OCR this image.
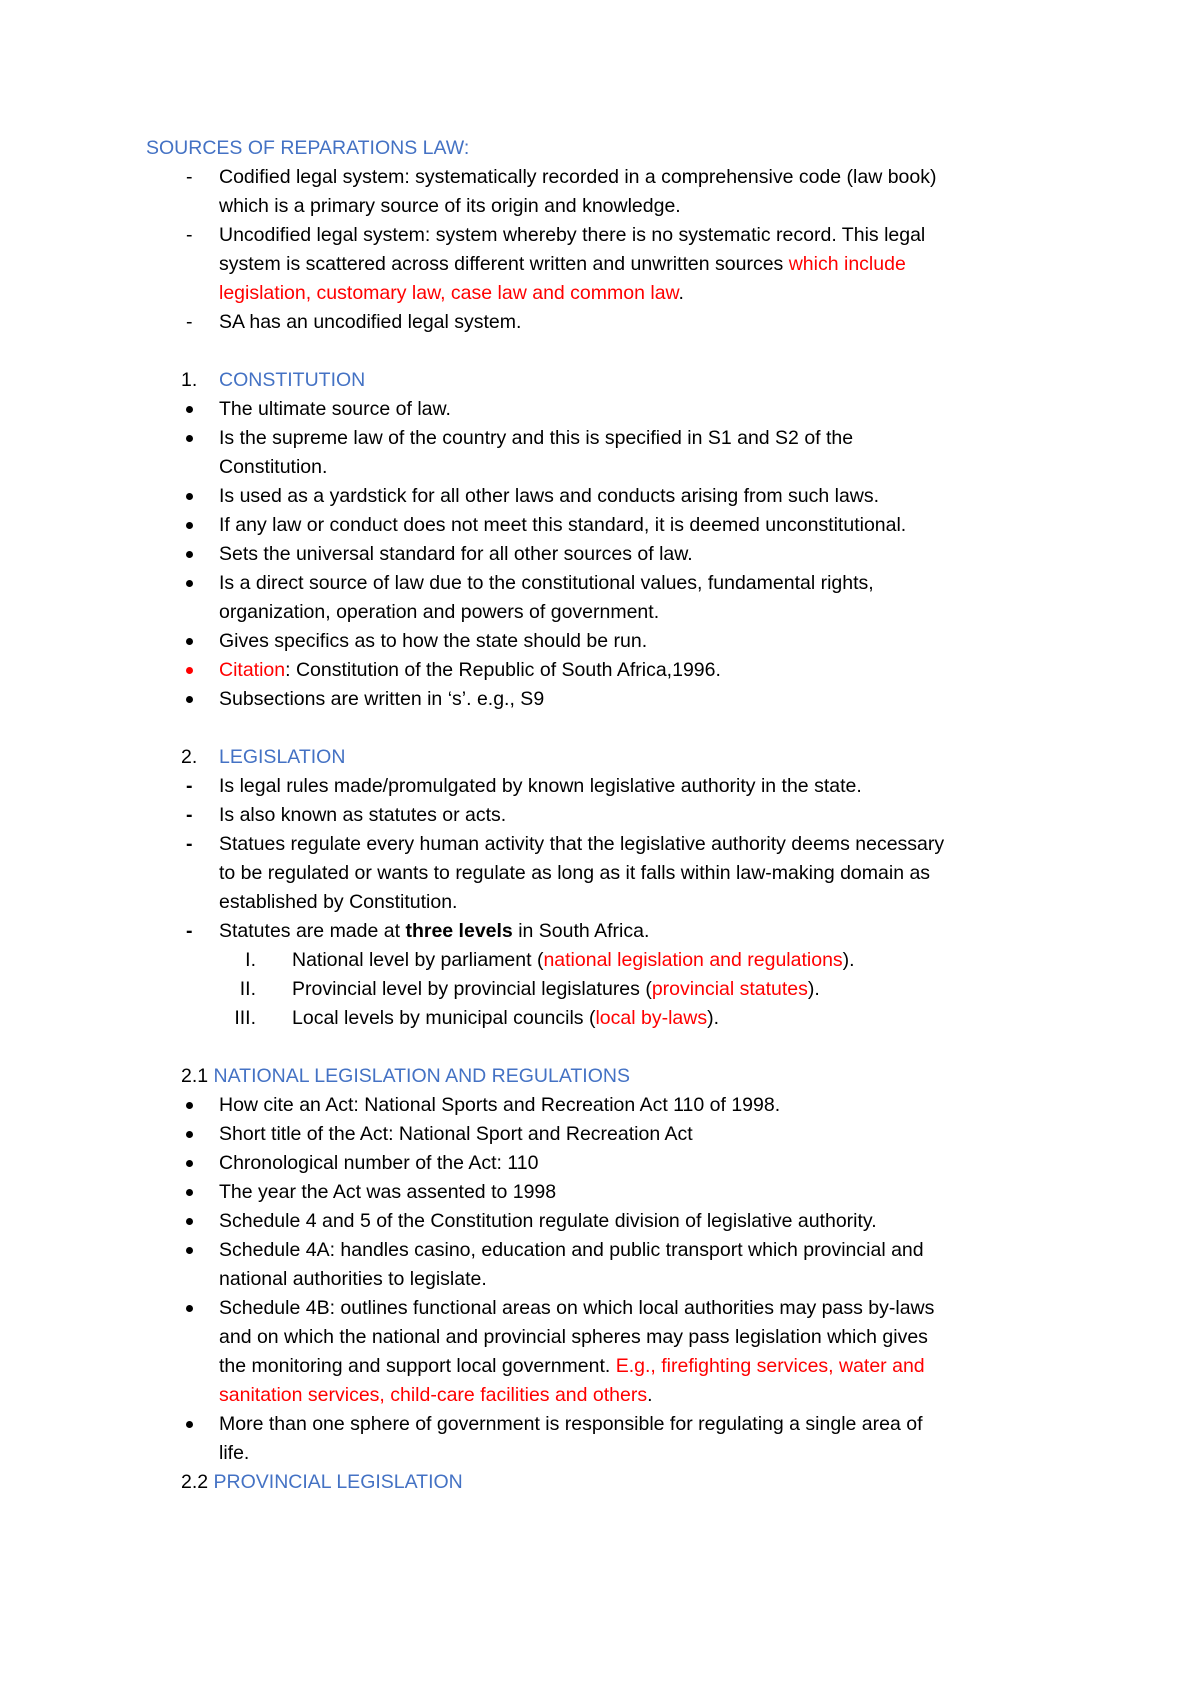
SOURCES OF REPARATIONS LAW:
- Codified legal system: systematically recorded in a comprehensive code (law book)
which is a primary source of its origin and knowledge.
- Uncodified legal system: system whereby there is no systematic record. This legal
system is scattered across different written and unwritten sources which include
legislation, customary law, case law and common law.
- SA has an uncodified legal system.
1. CONSTITUTION
The ultimate source of law.
Is the supreme law of the country and this is specified in S1 and S2 of the
Constitution.
Is used as a yardstick for all other laws and conducts arising from such laws.
If any law or conduct does not meet this standard, it is deemed unconstitutional.
Sets the universal standard for all other sources of law.
Is a direct source of law due to the constitutional values, fundamental rights,
organization, operation and powers of government.
Gives specifics as to how the state should be run.
Citation: Constitution of the Republic of South Africa,1996.
Subsections are written in ‘s’. e.g., S9
2. LEGISLATION
- Is legal rules made/promulgated by known legislative authority in the state.
- Is also known as statutes or acts.
- Statues regulate every human activity that the legislative authority deems necessary
to be regulated or wants to regulate as long as it falls within law-making domain as
established by Constitution.
- Statutes are made at three levels in South Africa.
I. National level by parliament (national legislation and regulations).
II. Provincial level by provincial legislatures (provincial statutes).
III. Local levels by municipal councils (local by-laws).
2.1 NATIONAL LEGISLATION AND REGULATIONS
How cite an Act: National Sports and Recreation Act 110 of 1998.
Short title of the Act: National Sport and Recreation Act
Chronological number of the Act: 110
The year the Act was assented to 1998
Schedule 4 and 5 of the Constitution regulate division of legislative authority.
Schedule 4A: handles casino, education and public transport which provincial and
national authorities to legislate.
Schedule 4B: outlines functional areas on which local authorities may pass by-laws
and on which the national and provincial spheres may pass legislation which gives
the monitoring and support local government. E.g., firefighting services, water and
sanitation services, child-care facilities and others.
More than one sphere of government is responsible for regulating a single area of
life.
2.2 PROVINCIAL LEGISLATION
